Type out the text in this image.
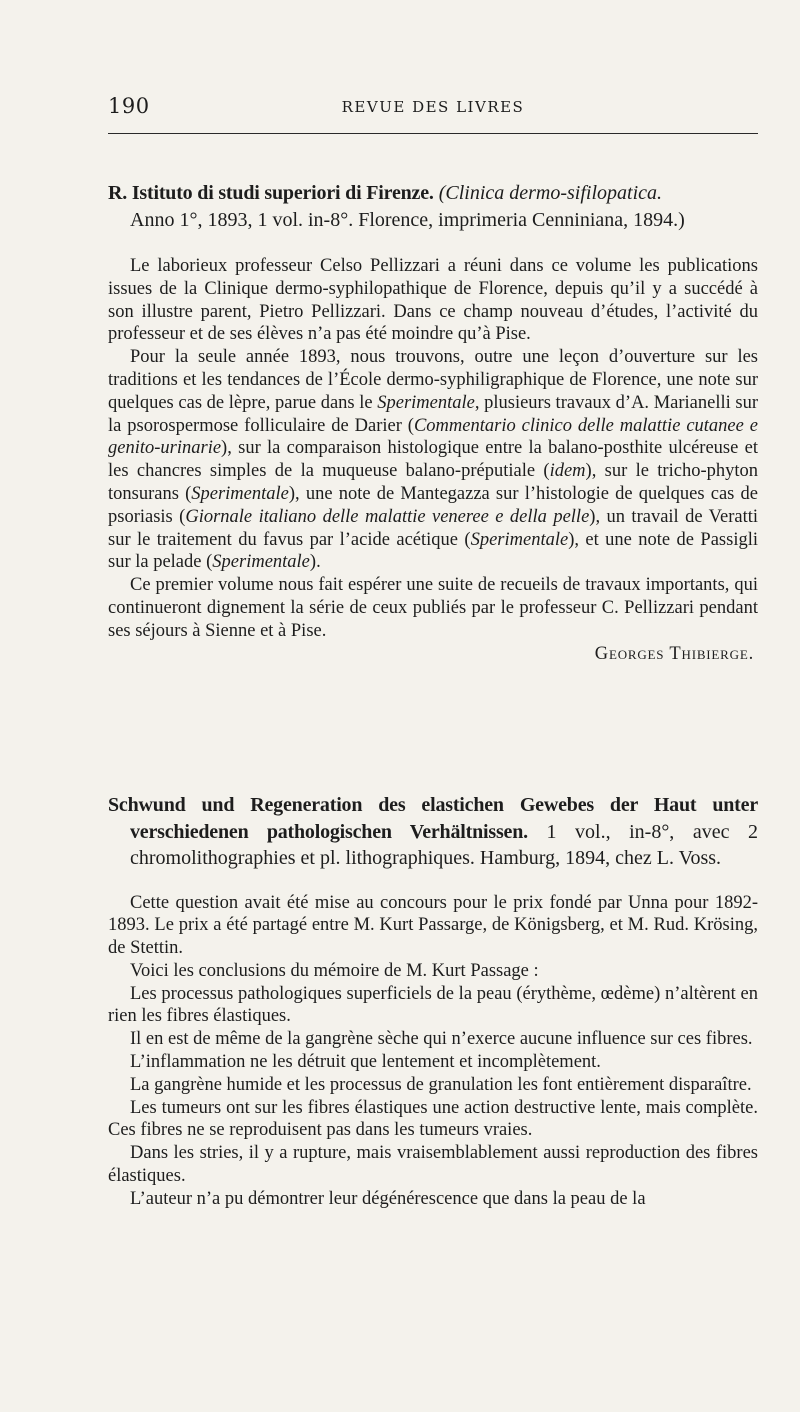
190	REVUE DES LIVRES
R. Istituto di studi superiori di Firenze. (Clinica dermo-sifilopatica.
Anno 1°, 1893, 1 vol. in-8°. Florence, imprimeria Cenniniana, 1894.)

Le laborieux professeur Celso Pellizzari a réuni dans ce volume les publications issues de la Clinique dermo-syphilopathique de Florence, depuis qu’il y a succédé à son illustre parent, Pietro Pellizzari. Dans ce champ nouveau d’études, l’activité du professeur et de ses élèves n’a pas été moindre qu’à Pise.

Pour la seule année 1893, nous trouvons, outre une leçon d’ouverture sur les traditions et les tendances de l’École dermo-syphiligraphique de Florence, une note sur quelques cas de lèpre, parue dans le Sperimentale, plusieurs travaux d’A. Marianelli sur la psorospermose folliculaire de Darier (Commentario clinico delle malattie cutanee e genito-urinarie), sur la comparaison histologique entre la balano-posthite ulcéreuse et les chancres simples de la muqueuse balano-préputiale (idem), sur le tricho-phyton tonsurans (Sperimentale), une note de Mantegazza sur l’histologie de quelques cas de psoriasis (Giornale italiano delle malattie veneree e della pelle), un travail de Veratti sur le traitement du favus par l’acide acétique (Sperimentale), et une note de Passigli sur la pelade (Sperimentale).

Ce premier volume nous fait espérer une suite de recueils de travaux importants, qui continueront dignement la série de ceux publiés par le professeur C. Pellizzari pendant ses séjours à Sienne et à Pise.

Georges Thibierge.
Schwund und Regeneration des elastichen Gewebes der Haut unter verschiedenen pathologischen Verhältnissen. 1 vol., in-8°, avec 2 chromolithographies et pl. lithographiques. Hamburg, 1894, chez L. Voss.

Cette question avait été mise au concours pour le prix fondé par Unna pour 1892-1893. Le prix a été partagé entre M. Kurt Passarge, de Königsberg, et M. Rud. Krösing, de Stettin.

Voici les conclusions du mémoire de M. Kurt Passage :

Les processus pathologiques superficiels de la peau (érythème, œdème) n’altèrent en rien les fibres élastiques.

Il en est de même de la gangrène sèche qui n’exerce aucune influence sur ces fibres.

L’inflammation ne les détruit que lentement et incomplètement.

La gangrène humide et les processus de granulation les font entièrement disparaître.

Les tumeurs ont sur les fibres élastiques une action destructive lente, mais complète. Ces fibres ne se reproduisent pas dans les tumeurs vraies.

Dans les stries, il y a rupture, mais vraisemblablement aussi reproduction des fibres élastiques.

L’auteur n’a pu démontrer leur dégénérescence que dans la peau de la
